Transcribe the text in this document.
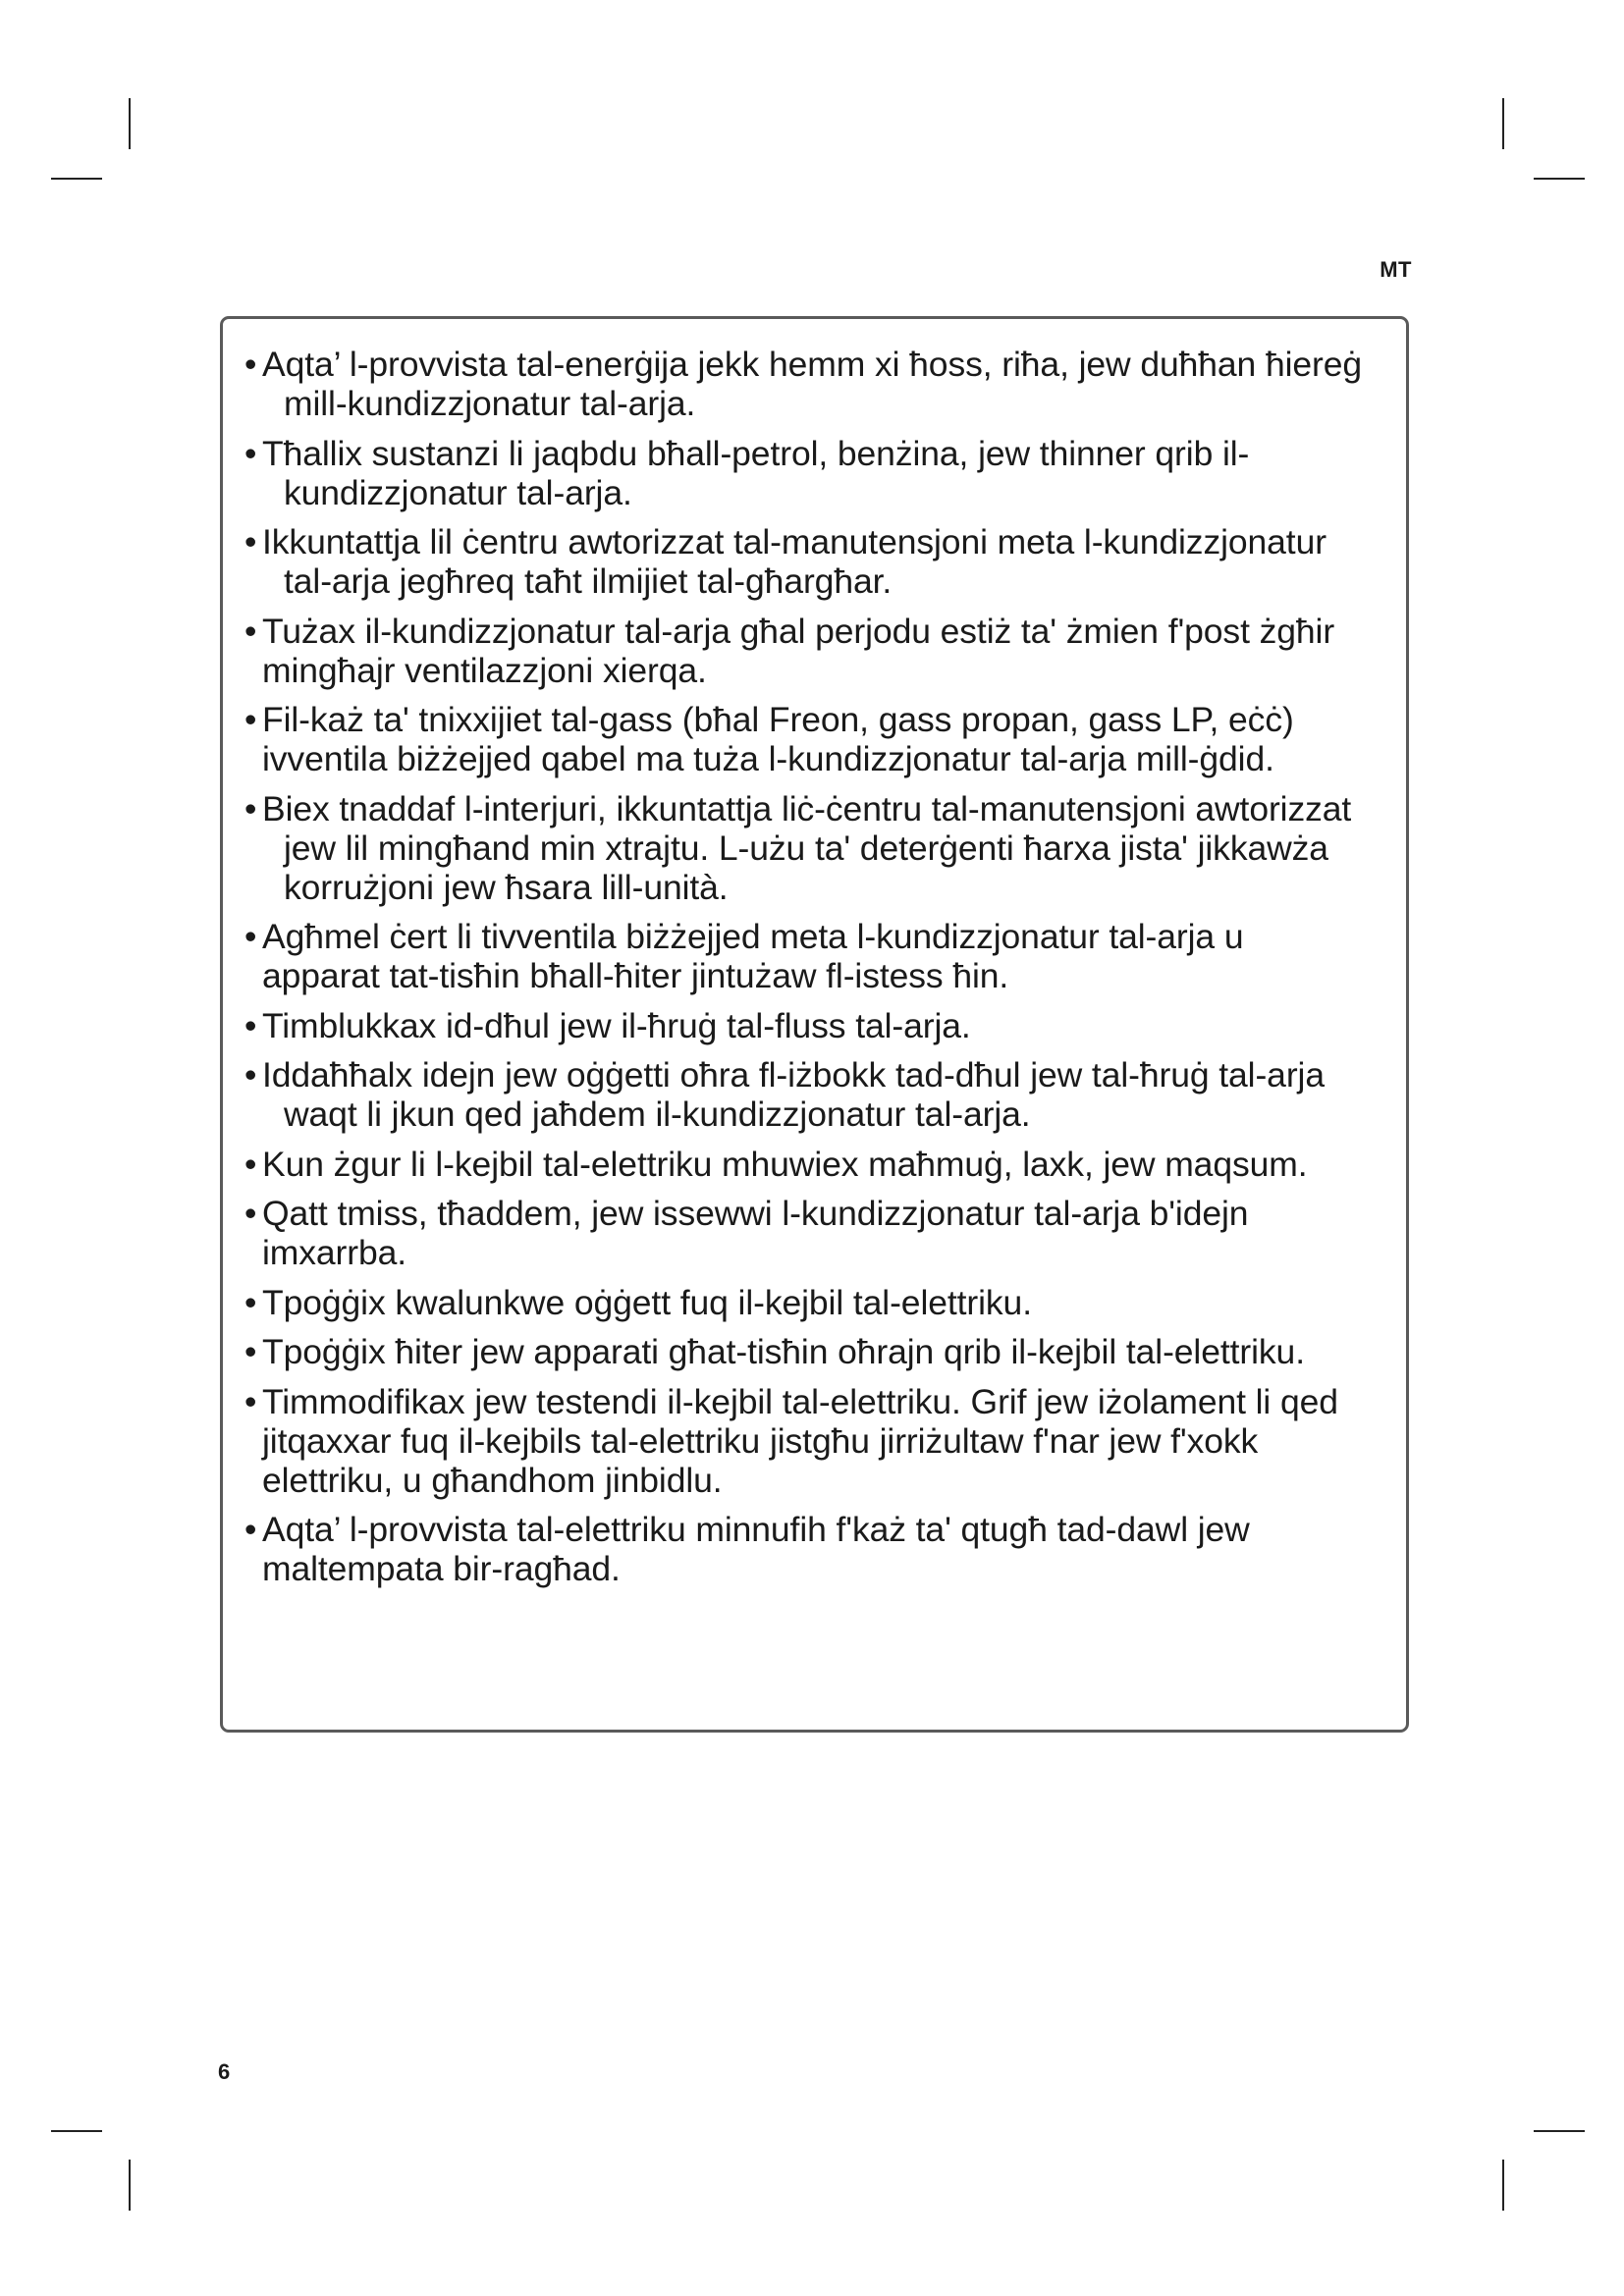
MT
• Aqta’ l-provvista tal-enerġija jekk hemm xi ħoss, riħa, jew duħħan ħiereġ mill-kundizzjonatur tal-arja.
• Tħallix sustanzi li jaqbdu bħall-petrol, benżina, jew thinner qrib il-kundizzjonatur tal-arja.
• Ikkuntattja lil ċentru awtorizzat tal-manutensjoni meta l-kundizzjonatur tal-arja jegħreq taħt ilmijiet tal-għargħar.
• Tużax il-kundizzjonatur tal-arja għal perjodu estiż ta' żmien f'post żgħir mingħajr ventilazzjoni xierqa.
• Fil-każ ta' tnixxijiet tal-gass (bħal Freon, gass propan, gass LP, eċċ) ivventila biżżejjed qabel ma tuża l-kundizzjonatur tal-arja mill-ġdid.
• Biex tnaddaf l-interjuri, ikkuntattja liċ-ċentru tal-manutensjoni awtorizzat jew lil mingħand min xtrajtu. L-użu ta' deterġenti ħarxa jista' jikkawża korrużjoni jew ħsara lill-unità.
• Agħmel ċert li tivventila biżżejjed meta l-kundizzjonatur tal-arja u apparat tat-tisħin bħall-ħiter jintużaw fl-istess ħin.
• Timblukkax id-dħul jew il-ħruġ tal-fluss tal-arja.
• Iddaħħalx idejn jew oġġetti oħra fl-iżbokk tad-dħul jew tal-ħruġ tal-arja waqt li jkun qed jaħdem il-kundizzjonatur tal-arja.
• Kun żgur li l-kejbil tal-elettriku mhuwiex maħmuġ, laxk, jew maqsum.
• Qatt tmiss, tħaddem, jew issewwi l-kundizzjonatur tal-arja b'idejn imxarrba.
• Tpoġġix kwalunkwe oġġett fuq il-kejbil tal-elettriku.
• Tpoġġix ħiter jew apparati għat-tisħin oħrajn qrib il-kejbil tal-elettriku.
• Timmodifikax jew testendi il-kejbil tal-elettriku. Grif jew iżolament li qed jitqaxxar fuq il-kejbils tal-elettriku jistgħu jirriżultaw f'nar jew f'xokk elettriku, u għandhom jinbidlu.
• Aqta’ l-provvista tal-elettriku minnufih f'każ ta' qtugħ tad-dawl jew maltempata bir-ragħad.
6
